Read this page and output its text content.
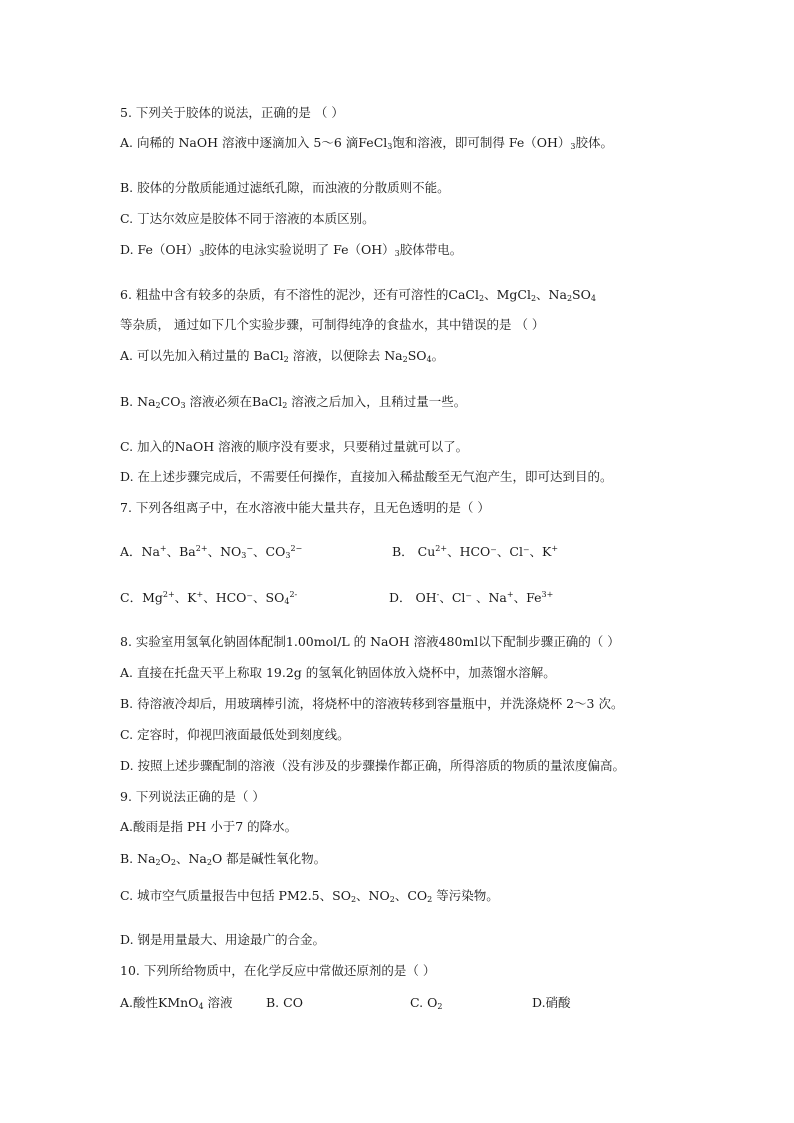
5. 下列关于胶体的说法，正确的是 （ ）
A. 向稀的 NaOH 溶液中逐滴加入 5～6 滴FeCl$_3$饱和溶液，即可制得 $Fe(OH)_3$胶体。
B. 胶体的分散质能通过滤纸孔隙，而浊液的分散质则不能。
C. 丁达尔效应是胶体不同于溶液的本质区别。
D. $Fe(OH)_3$胶体的电泳实验说明了 $Fe(OH)_3$胶体带电。
6. 粗盐中含有较多的杂质，有不溶性的泥沙，还有可溶性的CaCl$_2$、MgCl$_2$、$Na_2SO_4$
等杂质， 通过如下几个实验步骤，可制得纯净的食盐水，其中错误的是 （ ）
A. 可以先加入稍过量的 BaCl$_2$ 溶液，以便除去 $Na_2SO_4$。
B. $Na_2CO_3$ 溶液必须在BaCl$_2$ 溶液之后加入，且稍过量一些。
C. 加入的NaOH 溶液的顺序没有要求，只要稍过量就可以了。
D. 在上述步骤完成后，不需要任何操作，直接加入稀盐酸至无气泡产生，即可达到目的。
7. 下列各组离子中，在水溶液中能大量共存，且无色透明的是（ ）
A．Na+、$Ba^{2+}$、$NO_3^-$、$CO_3^{2-}$	B． $Cu^{2+}$、HCO⁻、Cl⁻、K+
C．$Mg^{2+}$、K+、HCO⁻、$SO_4^{2-}$	D． OH-、Cl⁻ 、Na+、$Fe^{3+}$
8. 实验室用氢氧化钠固体配制1.00mol/L 的 NaOH 溶液480ml以下配制步骤正确的（ ）
A. 直接在托盘天平上称取 19.2g 的氢氧化钠固体放入烧杯中，加蒸馏水溶解。
B. 待溶液冷却后，用玻璃棒引流，将烧杯中的溶液转移到容量瓶中，并洗涤烧杯 2～3 次。
C. 定容时，仰视凹液面最低处到刻度线。
D. 按照上述步骤配制的溶液（没有涉及的步骤操作都正确，所得溶质的物质的量浓度偏高。
9. 下列说法正确的是（ ）
A.酸雨是指 PH 小于7 的降水。
B. $Na_2O_2$、$Na_2O$ 都是碱性氧化物。
C. 城市空气质量报告中包括 PM2.5、$SO_2$、$NO_2$、$CO_2$ 等污染物。
D. 钢是用量最大、用途最广的合金。
10. 下列所给物质中，在化学反应中常做还原剂的是（ ）
A.酸性KMnO$_4$ 溶液	B. CO	C. $O_2$	D.硝酸
